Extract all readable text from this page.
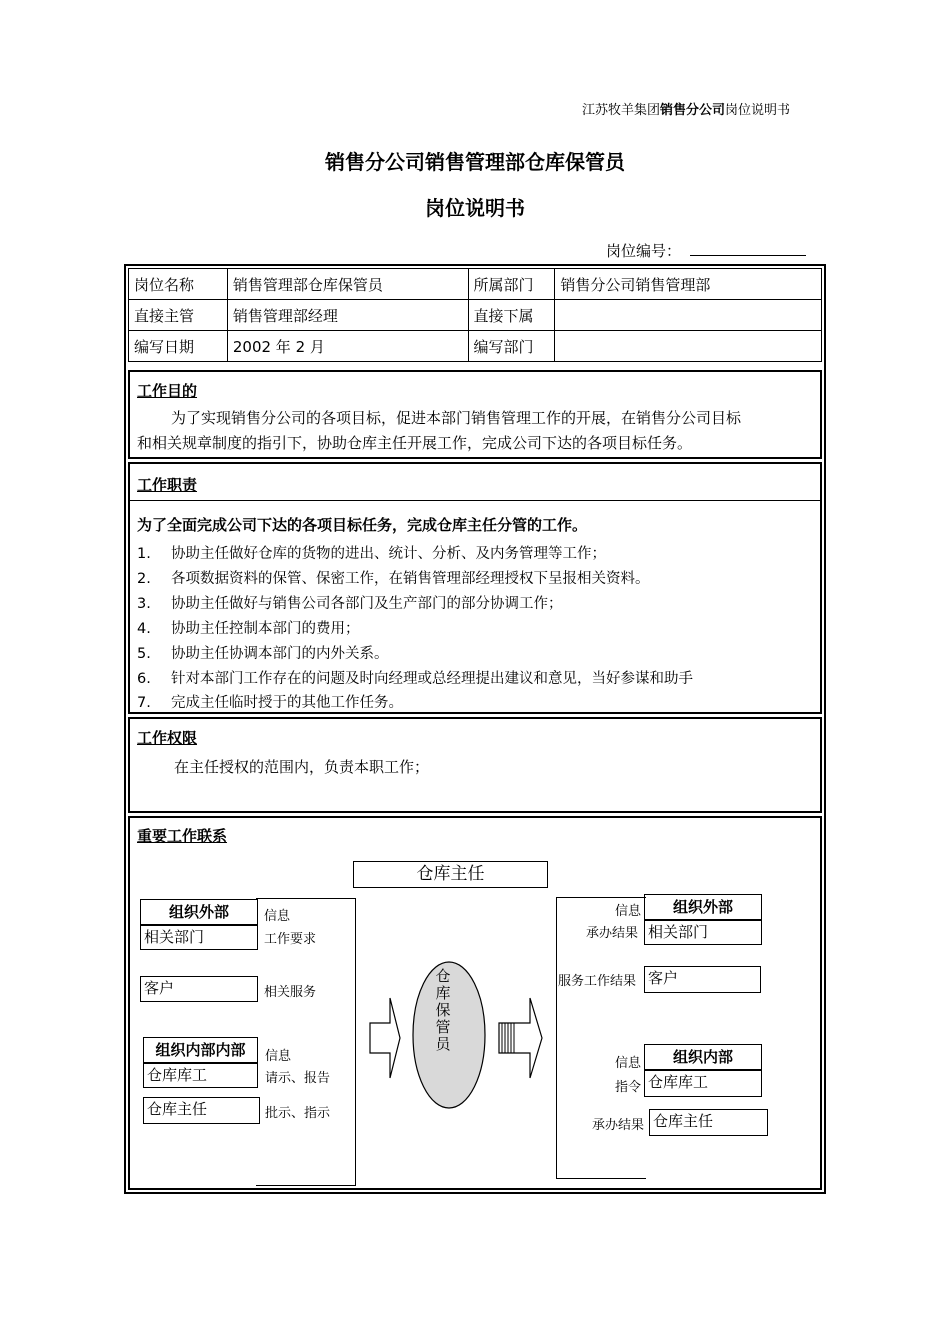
江苏牧羊集团销售分公司岗位说明书
销售分公司销售管理部仓库保管员
岗位说明书
岗位编号：
岗位名称	销售管理部仓库保管员	所属部门	销售分公司销售管理部
直接主管	销售管理部经理	直接下属	
编写日期	2002 年 2 月	编写部门	
工作目的
为了实现销售分公司的各项目标，促进本部门销售管理工作的开展，在销售分公司目标
和相关规章制度的指引下，协助仓库主任开展工作，完成公司下达的各项目标任务。
工作职责
为了全面完成公司下达的各项目标任务，完成仓库主任分管的工作。
1. 协助主任做好仓库的货物的进出、统计、分析、及内务管理等工作；
2. 各项数据资料的保管、保密工作，在销售管理部经理授权下呈报相关资料。
3. 协助主任做好与销售公司各部门及生产部门的部分协调工作；
4. 协助主任控制本部门的费用；
5. 协助主任协调本部门的内外关系。
6. 针对本部门工作存在的问题及时向经理或总经理提出建议和意见，当好参谋和助手
7. 完成主任临时授于的其他工作任务。
工作权限
在主任授权的范围内，负责本职工作；
重要工作联系
仓库主任
组织外部
相关部门
信息
工作要求
客户	相关服务
组织内部内部
仓库库工
信息
请示、报告
仓库主任	批示、指示
仓库保管员
组织外部
相关部门
信息
承办结果
服务工作结果 客户
组织内部
仓库库工
信息
指令
承办结果 仓库主任
